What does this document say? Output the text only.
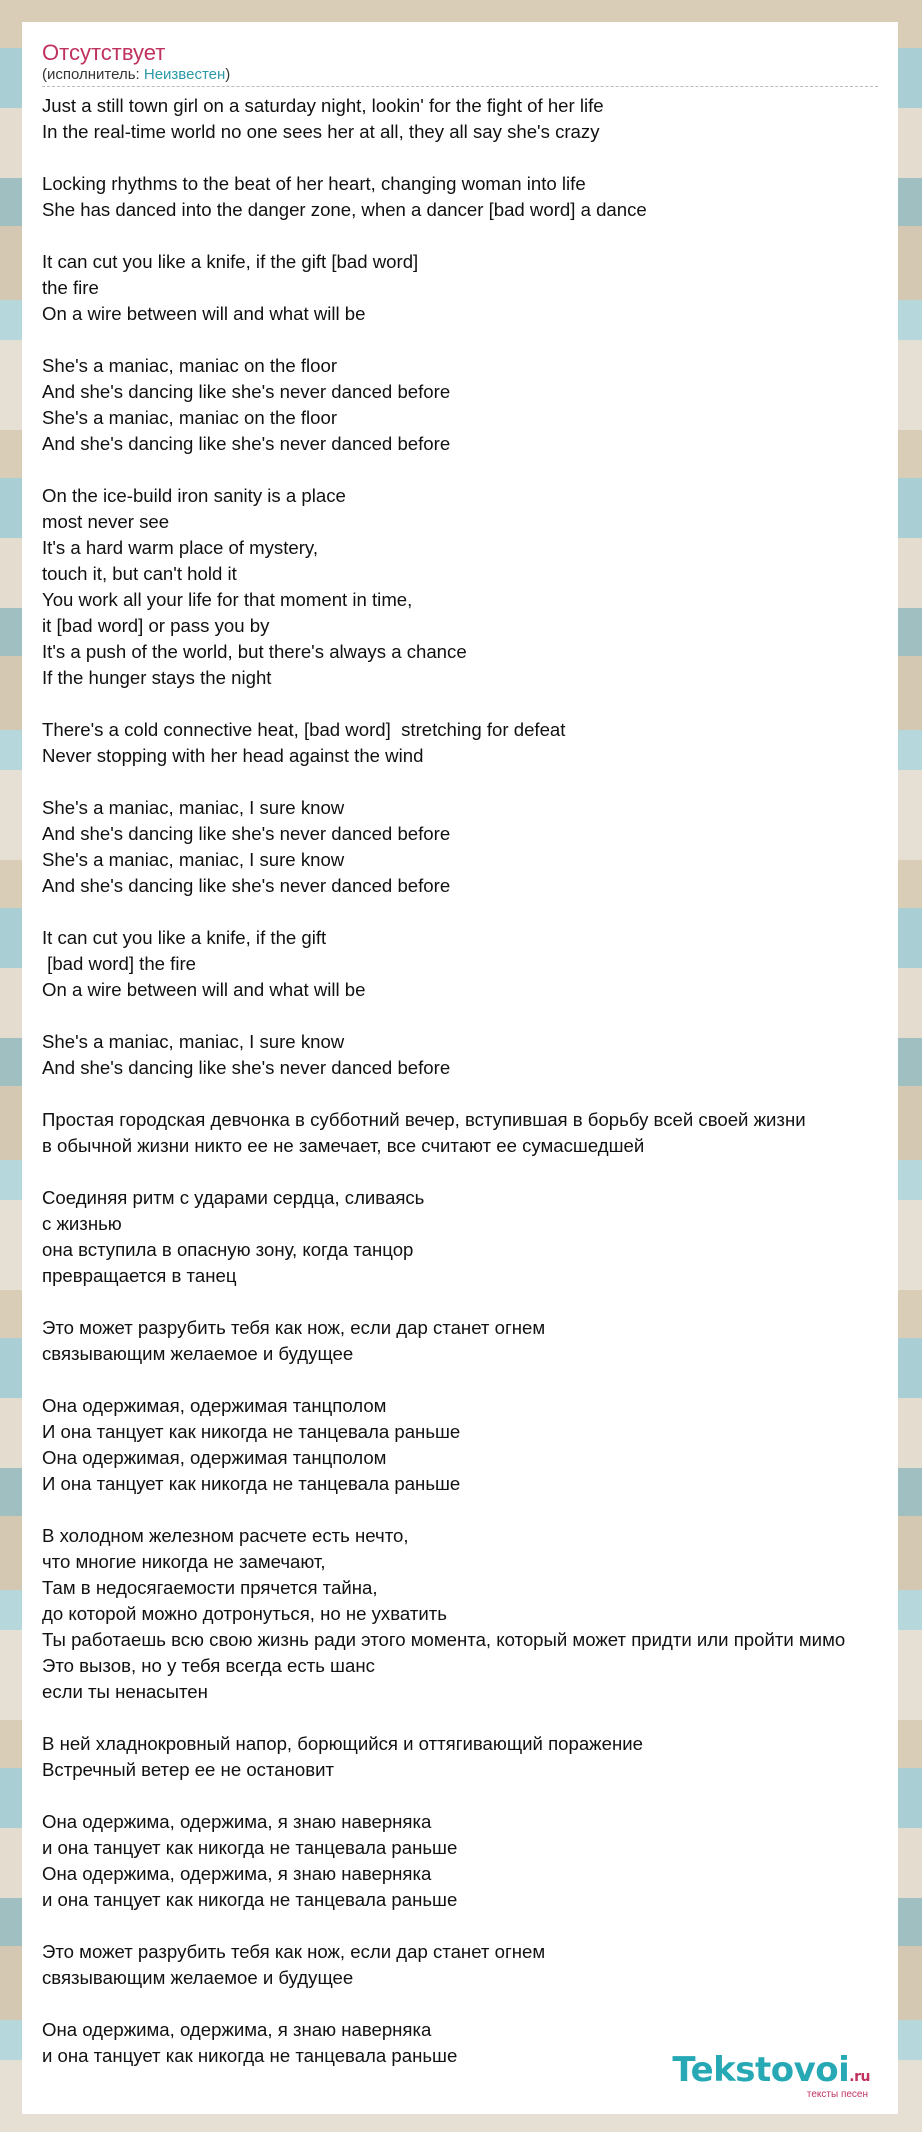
Отсутствует
(исполнитель: Неизвестен)
Just a still town girl on a saturday night, lookin' for the fight of her life
In the real-time world no one sees her at all, they all say she's crazy

Locking rhythms to the beat of her heart, changing woman into life
She has danced into the danger zone, when a dancer [bad word] a dance

It can cut you like a knife, if the gift [bad word]
the fire
On a wire between will and what will be

She's a maniac, maniac on the floor
And she's dancing like she's never danced before
She's a maniac, maniac on the floor
And she's dancing like she's never danced before

On the ice-build iron sanity is a place
most never see
It's a hard warm place of mystery,
touch it, but can't hold it
You work all your life for that moment in time,
it [bad word] or pass you by
It's a push of the world, but there's always a chance
If the hunger stays the night

There's a cold connective heat, [bad word]  stretching for defeat
Never stopping with her head against the wind

She's a maniac, maniac, I sure know
And she's dancing like she's never danced before
She's a maniac, maniac, I sure know
And she's dancing like she's never danced before

It can cut you like a knife, if the gift
[bad word] the fire
On a wire between will and what will be

She's a maniac, maniac, I sure know
And she's dancing like she's never danced before

Простая городская девчонка в субботний вечер, вступившая в борьбу всей своей жизни
в обычной жизни никто ее не замечает, все считают ее сумасшедшей

Соединяя ритм с ударами сердца, сливаясь
с жизнью
она вступила в опасную зону, когда танцор
превращается в танец

Это может разрубить тебя как нож, если дар станет огнем
связывающим желаемое и будущее

Она одержимая, одержимая танцполом
И она танцует как никогда не танцевала раньше
Она одержимая, одержимая танцполом
И она танцует как никогда не танцевала раньше

В холодном железном расчете есть нечто,
что многие никогда не замечают,
Там в недосягаемости прячется тайна,
до которой можно дотронуться, но не ухватить
Ты работаешь всю свою жизнь ради этого момента, который может придти или пройти мимо
Это вызов, но у тебя всегда есть шанс
если ты ненасытен

В ней хладнокровный напор, борющийся и оттягивающий поражение
Встречный ветер ее не остановит

Она одержима, одержима, я знаю наверняка
и она танцует как никогда не танцевала раньше
Она одержима, одержима, я знаю наверняка
и она танцует как никогда не танцевала раньше

Это может разрубить тебя как нож, если дар станет огнем
связывающим желаемое и будущее

Она одержима, одержима, я знаю наверняка
и она танцует как никогда не танцевала раньше	Tekstovoi.ru
тексты песен
